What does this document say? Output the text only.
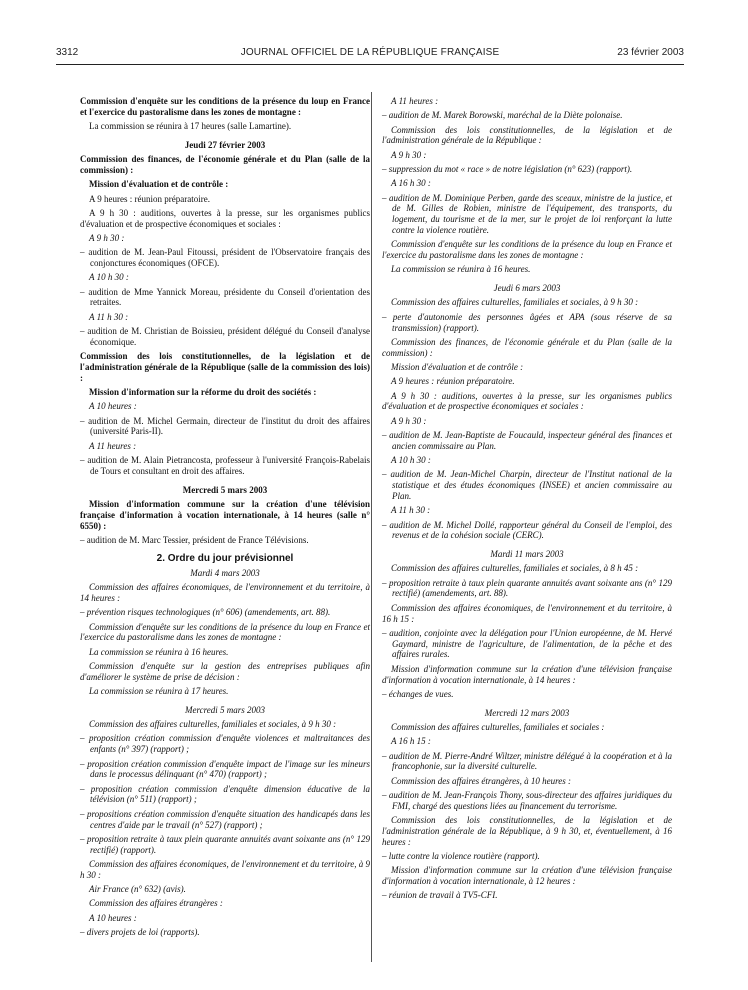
3312	JOURNAL OFFICIEL DE LA RÉPUBLIQUE FRANÇAISE	23 février 2003

Commission d'enquête sur les conditions de la présence du loup en France et l'exercice du pastoralisme dans les zones de montagne :

La commission se réunira à 17 heures (salle Lamartine).

Jeudi 27 février 2003

Commission des finances, de l'économie générale et du Plan (salle de la commission) :

Mission d'évaluation et de contrôle :

A 9 heures : réunion préparatoire.

A 9 h 30 : auditions, ouvertes à la presse, sur les organismes publics d'évaluation et de prospective économiques et sociales :

A 9 h 30 :

– audition de M. Jean-Paul Fitoussi, président de l'Observatoire français des conjonctures économiques (OFCE).

A 10 h 30 :

– audition de Mme Yannick Moreau, présidente du Conseil d'orientation des retraites.

A 11 h 30 :

– audition de M. Christian de Boissieu, président délégué du Conseil d'analyse économique.

Commission des lois constitutionnelles, de la législation et de l'administration générale de la République (salle de la commission des lois) :

Mission d'information sur la réforme du droit des sociétés :

A 10 heures :

– audition de M. Michel Germain, directeur de l'institut du droit des affaires (université Paris-II).

A 11 heures :

– audition de M. Alain Pietrancosta, professeur à l'université François-Rabelais de Tours et consultant en droit des affaires.

Mercredi 5 mars 2003

Mission d'information commune sur la création d'une télévision française d'information à vocation internationale, à 14 heures (salle n° 6550) :

– audition de M. Marc Tessier, président de France Télévisions.

2. Ordre du jour prévisionnel

Mardi 4 mars 2003

Commission des affaires économiques, de l'environnement et du territoire, à 14 heures :

– prévention risques technologiques (n° 606) (amendements, art. 88).

Commission d'enquête sur les conditions de la présence du loup en France et l'exercice du pastoralisme dans les zones de montagne :

La commission se réunira à 16 heures.

Commission d'enquête sur la gestion des entreprises publiques afin d'améliorer le système de prise de décision :

La commission se réunira à 17 heures.

Mercredi 5 mars 2003

Commission des affaires culturelles, familiales et sociales, à 9 h 30 :

– proposition création commission d'enquête violences et maltraitances des enfants (n° 397) (rapport) ;

– proposition création commission d'enquête impact de l'image sur les mineurs dans le processus délinquant (n° 470) (rapport) ;

– proposition création commission d'enquête dimension éducative de la télévision (n° 511) (rapport) ;

– propositions création commission d'enquête situation des handicapés dans les centres d'aide par le travail (n° 527) (rapport) ;

– proposition retraite à taux plein quarante annuités avant soixante ans (n° 129 rectifié) (rapport).

Commission des affaires économiques, de l'environnement et du territoire, à 9 h 30 :

Air France (n° 632) (avis).

Commission des affaires étrangères :

A 10 heures :

– divers projets de loi (rapports).

A 11 heures :

– audition de M. Marek Borowski, maréchal de la Diète polonaise.

Commission des lois constitutionnelles, de la législation et de l'administration générale de la République :

A 9 h 30 :

– suppression du mot « race » de notre législation (n° 623) (rapport).

A 16 h 30 :

– audition de M. Dominique Perben, garde des sceaux, ministre de la justice, et de M. Gilles de Robien, ministre de l'équipement, des transports, du logement, du tourisme et de la mer, sur le projet de loi renforçant la lutte contre la violence routière.

Commission d'enquête sur les conditions de la présence du loup en France et l'exercice du pastoralisme dans les zones de montagne :

La commission se réunira à 16 heures.

Jeudi 6 mars 2003

Commission des affaires culturelles, familiales et sociales, à 9 h 30 :

– perte d'autonomie des personnes âgées et APA (sous réserve de sa transmission) (rapport).

Commission des finances, de l'économie générale et du Plan (salle de la commission) :

Mission d'évaluation et de contrôle :

A 9 heures : réunion préparatoire.

A 9 h 30 : auditions, ouvertes à la presse, sur les organismes publics d'évaluation et de prospective économiques et sociales :

A 9 h 30 :

– audition de M. Jean-Baptiste de Foucauld, inspecteur général des finances et ancien commissaire au Plan.

A 10 h 30 :

– audition de M. Jean-Michel Charpin, directeur de l'Institut national de la statistique et des études économiques (INSEE) et ancien commissaire au Plan.

A 11 h 30 :

– audition de M. Michel Dollé, rapporteur général du Conseil de l'emploi, des revenus et de la cohésion sociale (CERC).

Mardi 11 mars 2003

Commission des affaires culturelles, familiales et sociales, à 8 h 45 :

– proposition retraite à taux plein quarante annuités avant soixante ans (n° 129 rectifié) (amendements, art. 88).

Commission des affaires économiques, de l'environnement et du territoire, à 16 h 15 :

– audition, conjointe avec la délégation pour l'Union européenne, de M. Hervé Gaymard, ministre de l'agriculture, de l'alimentation, de la pêche et des affaires rurales.

Mission d'information commune sur la création d'une télévision française d'information à vocation internationale, à 14 heures :

– échanges de vues.

Mercredi 12 mars 2003

Commission des affaires culturelles, familiales et sociales :

A 16 h 15 :

– audition de M. Pierre-André Wiltzer, ministre délégué à la coopération et à la francophonie, sur la diversité culturelle.

Commission des affaires étrangères, à 10 heures :

– audition de M. Jean-François Thony, sous-directeur des affaires juridiques du FMI, chargé des questions liées au financement du terrorisme.

Commission des lois constitutionnelles, de la législation et de l'administration générale de la République, à 9 h 30, et, éventuellement, à 16 heures :

– lutte contre la violence routière (rapport).

Mission d'information commune sur la création d'une télévision française d'information à vocation internationale, à 12 heures :

– réunion de travail à TV5-CFI.
